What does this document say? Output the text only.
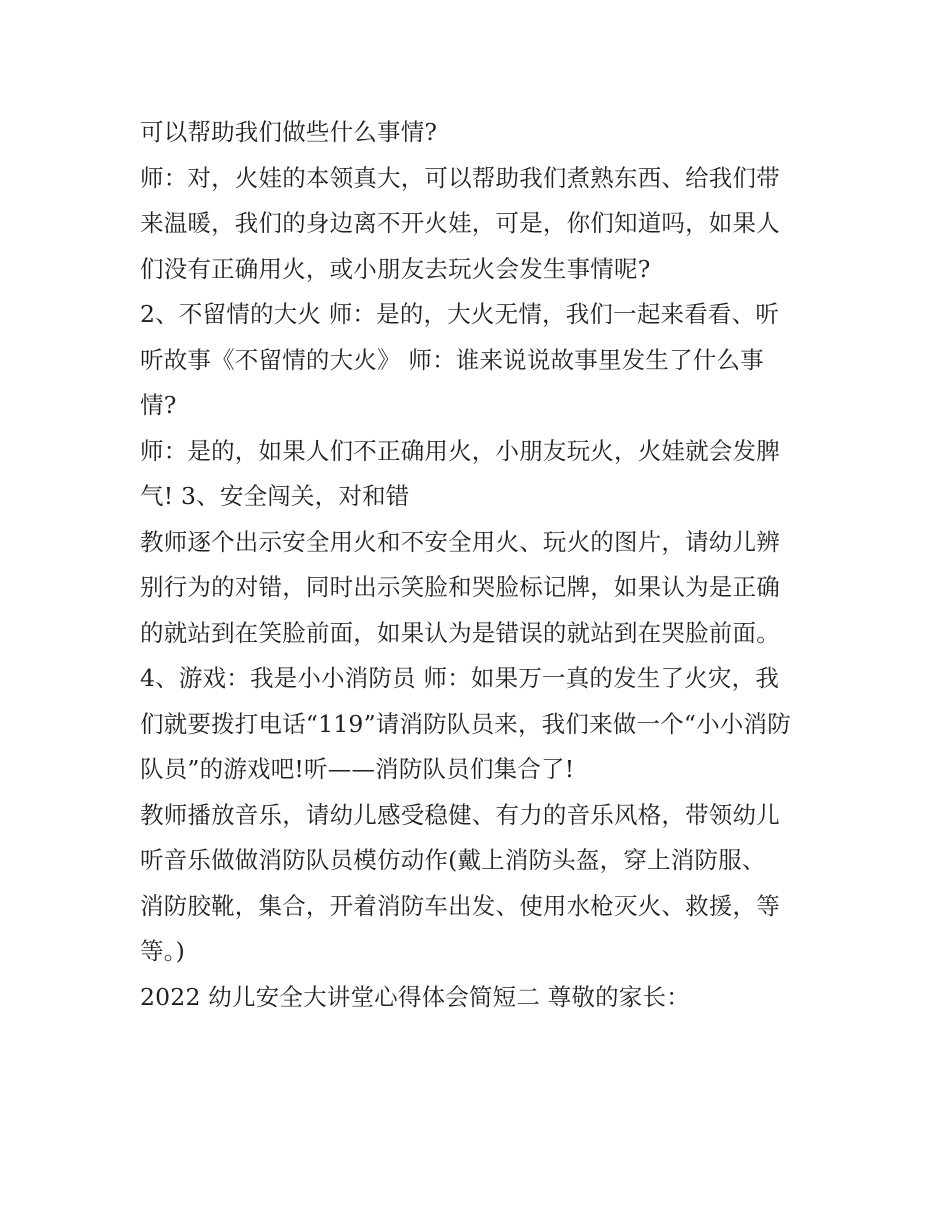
可以帮助我们做些什么事情?
师：对，火娃的本领真大，可以帮助我们煮熟东西、给我们带
来温暖，我们的身边离不开火娃，可是，你们知道吗，如果人
们没有正确用火，或小朋友去玩火会发生事情呢?
2、不留情的大火 师：是的，大火无情，我们一起来看看、听
听故事《不留情的大火》 师：谁来说说故事里发生了什么事
情?
师：是的，如果人们不正确用火，小朋友玩火，火娃就会发脾
气! 3、安全闯关，对和错
教师逐个出示安全用火和不安全用火、玩火的图片，请幼儿辨
别行为的对错，同时出示笑脸和哭脸标记牌，如果认为是正确
的就站到在笑脸前面，如果认为是错误的就站到在哭脸前面。
4、游戏：我是小小消防员 师：如果万一真的发生了火灾，我
们就要拨打电话“119”请消防队员来，我们来做一个“小小消防
队员”的游戏吧!听——消防队员们集合了!
教师播放音乐，请幼儿感受稳健、有力的音乐风格，带领幼儿
听音乐做做消防队员模仿动作(戴上消防头盔，穿上消防服、
消防胶靴，集合，开着消防车出发、使用水枪灭火、救援，等
等。)
2022 幼儿安全大讲堂心得体会简短二 尊敬的家长：
